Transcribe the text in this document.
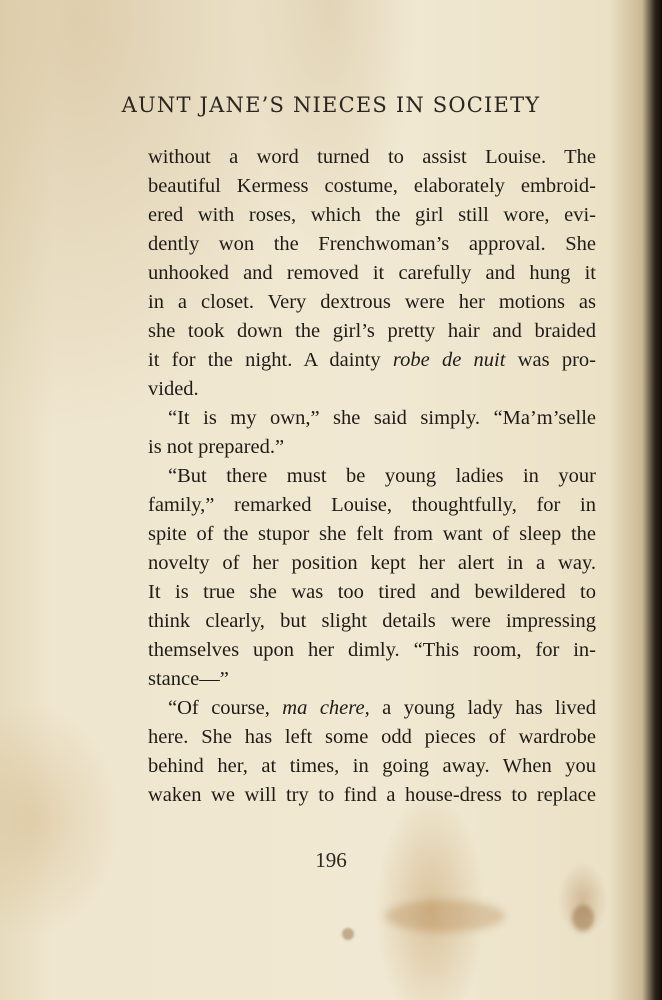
AUNT JANE’S NIECES IN SOCIETY
without a word turned to assist Louise. The
beautiful Kermess costume, elaborately embroid-
ered with roses, which the girl still wore, evi-
dently won the Frenchwoman’s approval. She
unhooked and removed it carefully and hung it
in a closet. Very dextrous were her motions as
she took down the girl’s pretty hair and braided
it for the night. A dainty robe de nuit was pro-
vided.
“It is my own,” she said simply. “Ma’m’selle
is not prepared.”
“But there must be young ladies in your
family,” remarked Louise, thoughtfully, for in
spite of the stupor she felt from want of sleep the
novelty of her position kept her alert in a way.
It is true she was too tired and bewildered to
think clearly, but slight details were impressing
themselves upon her dimly. “This room, for in-
stance—”
“Of course, ma chere, a young lady has lived
here. She has left some odd pieces of wardrobe
behind her, at times, in going away. When you
waken we will try to find a house-dress to replace
196
